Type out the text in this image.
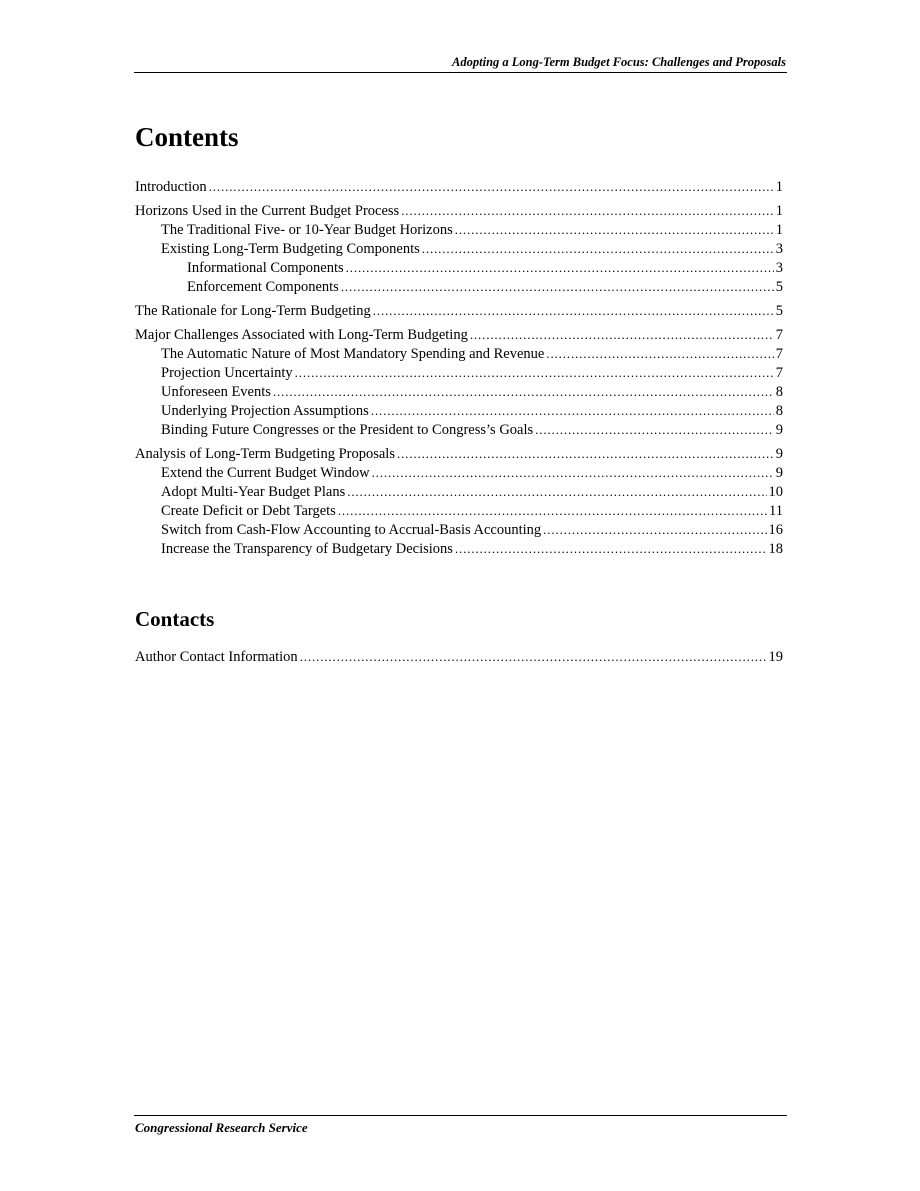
Adopting a Long-Term Budget Focus: Challenges and Proposals
Contents
Introduction . . .	1
Horizons Used in the Current Budget Process . . .	1
The Traditional Five- or 10-Year Budget Horizons . . .	1
Existing Long-Term Budgeting Components . . .	3
Informational Components . . .	3
Enforcement Components . . .	5
The Rationale for Long-Term Budgeting . . .	5
Major Challenges Associated with Long-Term Budgeting . . .	7
The Automatic Nature of Most Mandatory Spending and Revenue . . .	7
Projection Uncertainty . . .	7
Unforeseen Events . . .	8
Underlying Projection Assumptions . . .	8
Binding Future Congresses or the President to Congress’s Goals . . .	9
Analysis of Long-Term Budgeting Proposals . . .	9
Extend the Current Budget Window . . .	9
Adopt Multi-Year Budget Plans . . .	10
Create Deficit or Debt Targets . . .	11
Switch from Cash-Flow Accounting to Accrual-Basis Accounting . . .	16
Increase the Transparency of Budgetary Decisions . . .	18
Contacts
Author Contact Information . . .	19
Congressional Research Service
